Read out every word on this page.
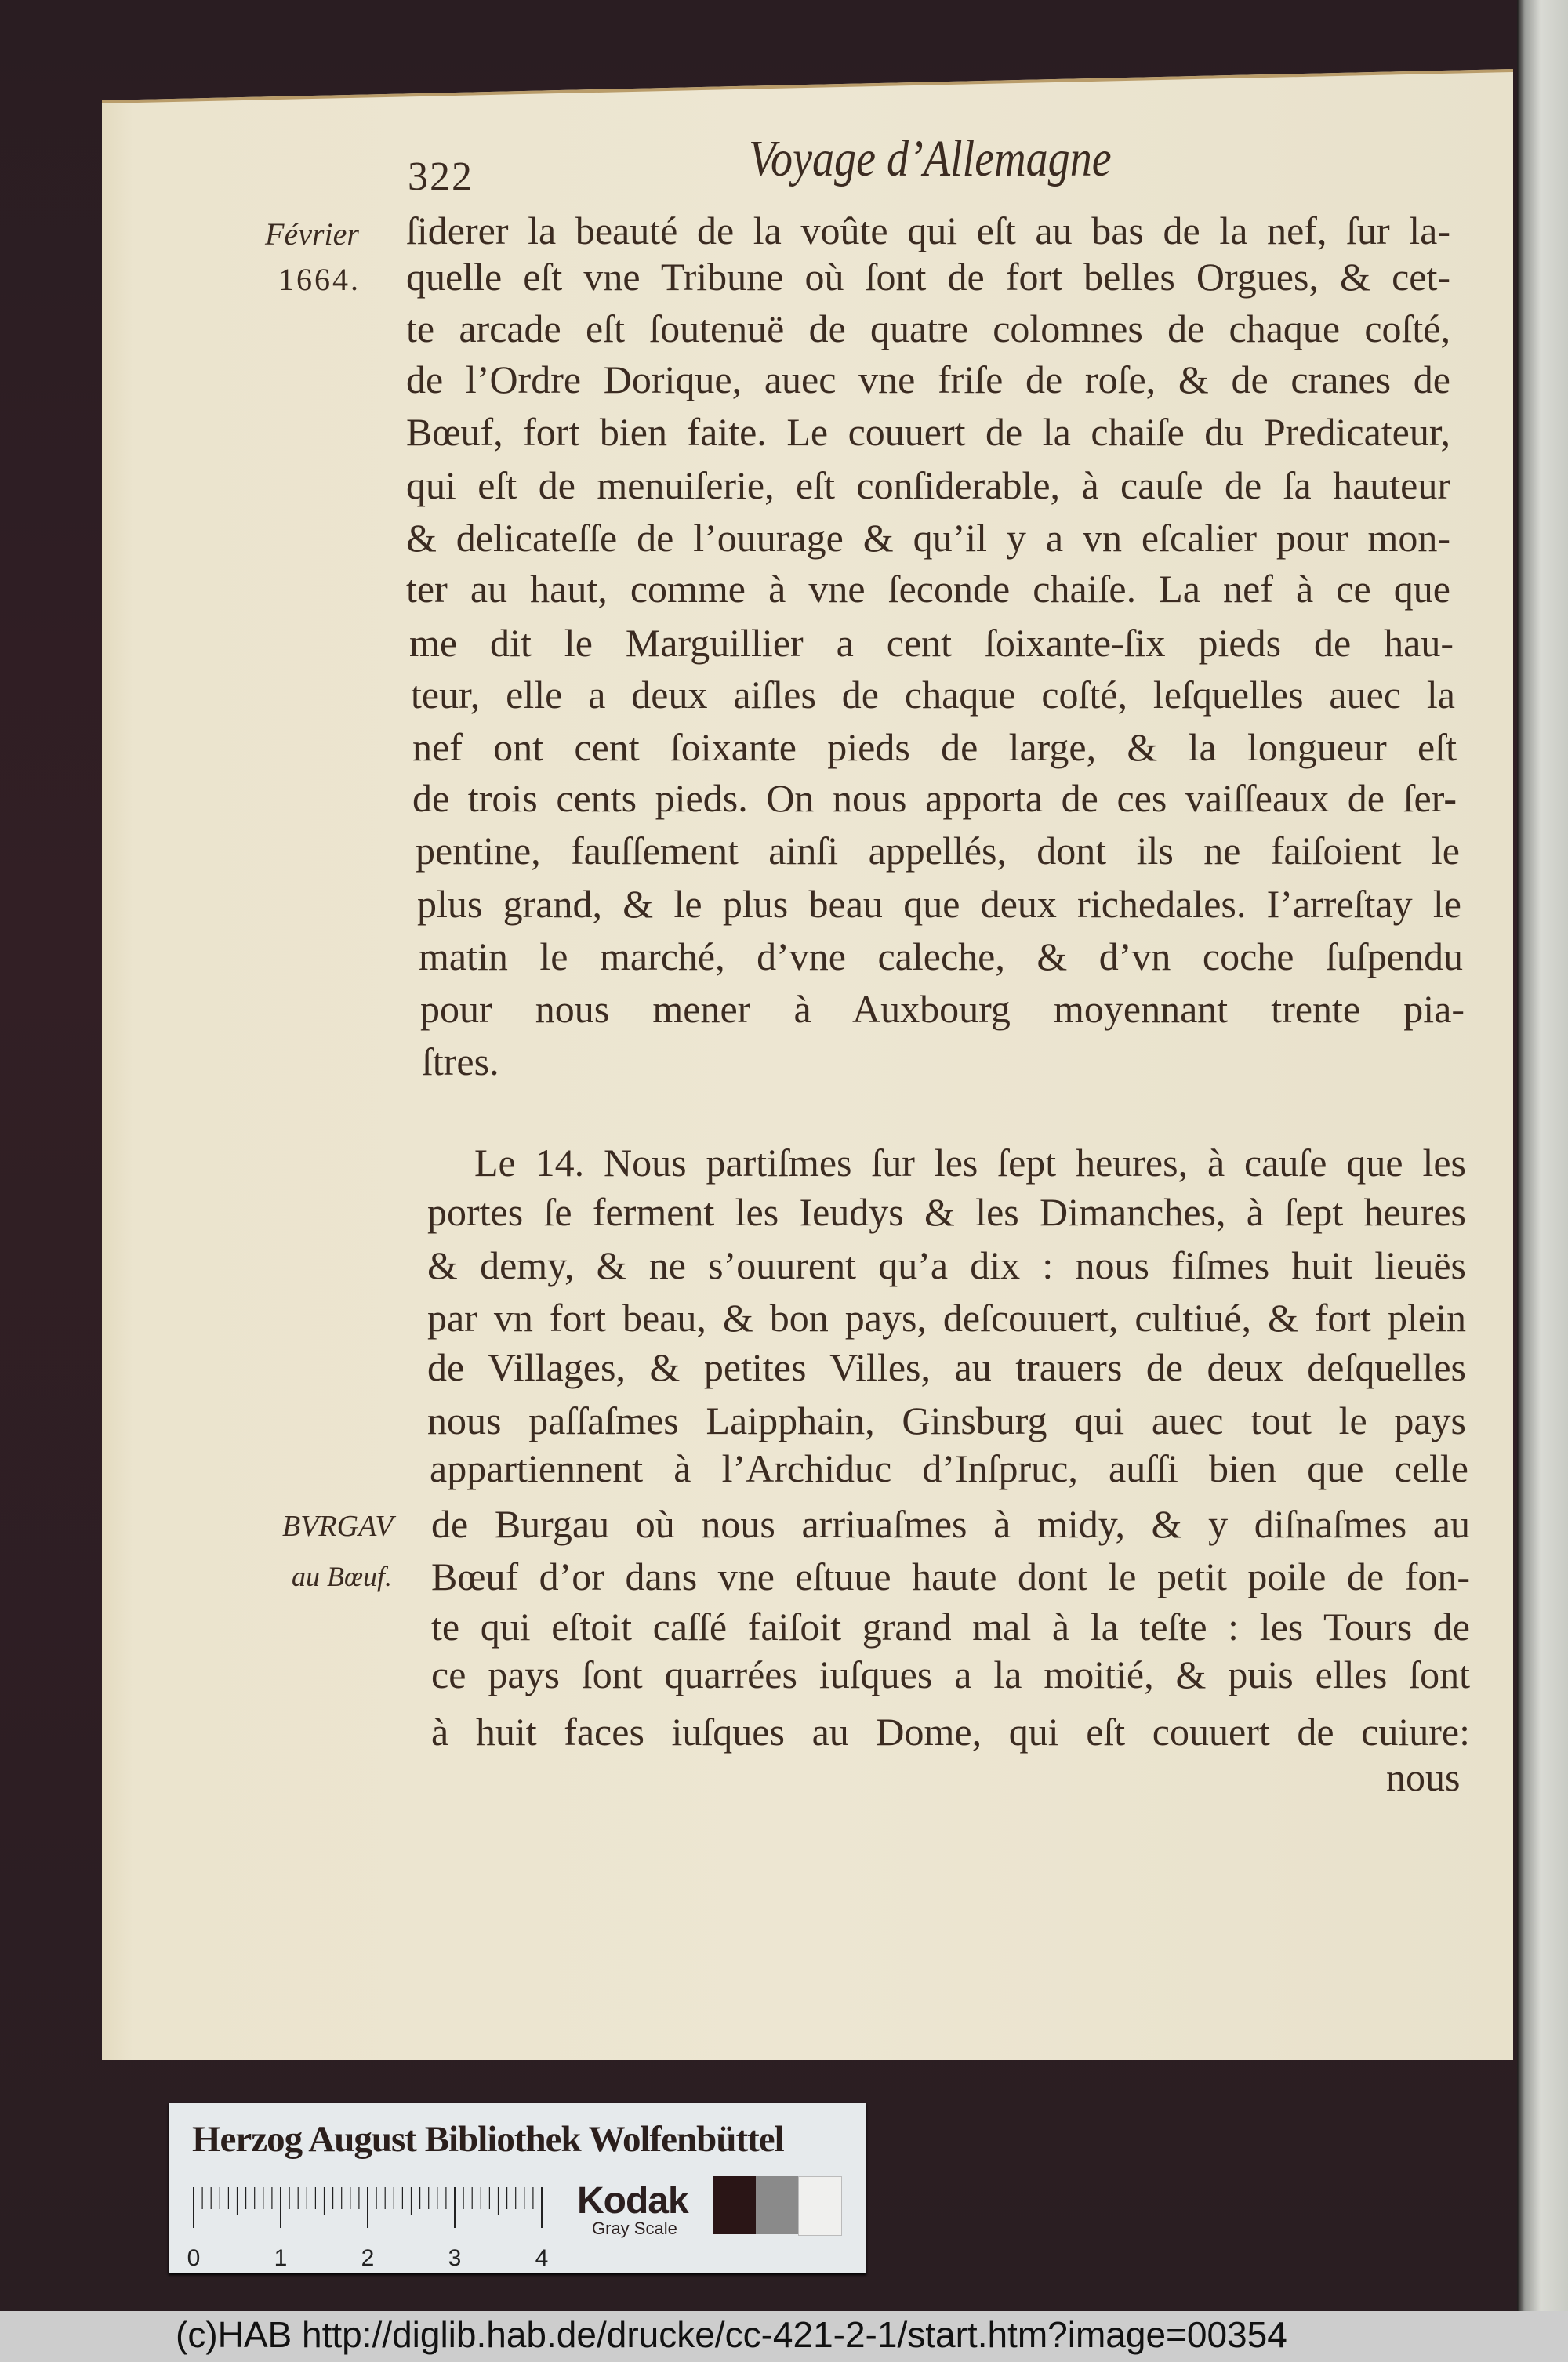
322	Voyage d’Allemagne
Février
1664.
BVRGAV
au Bœuf.
ſiderer la beauté de la voûte qui eſt au bas de la nef, ſur la-
quelle eſt vne Tribune où ſont de fort belles Orgues, & cet-
te arcade eſt ſoutenuë de quatre colomnes de chaque coſté,
de l’Ordre Dorique, auec vne friſe de roſe, & de cranes de
Bœuf, fort bien faite. Le couuert de la chaiſe du Predicateur,
qui eſt de menuiſerie, eſt conſiderable, à cauſe de ſa hauteur
& delicateſſe de l’ouurage & qu’il y a vn eſcalier pour mon-
ter au haut, comme à vne ſeconde chaiſe. La nef à ce que
me dit le Marguillier a cent ſoixante-ſix pieds de hau-
teur, elle a deux aiſles de chaque coſté, leſquelles auec la
nef ont cent ſoixante pieds de large, & la longueur eſt
de trois cents pieds. On nous apporta de ces vaiſſeaux de ſer-
pentine, fauſſement ainſi appellés, dont ils ne faiſoient le
plus grand, & le plus beau que deux richedales. I’arreſtay le
matin le marché, d’vne caleche, & d’vn coche ſuſpendu
pour nous mener à Auxbourg moyennant trente pia-
ſtres.
Le 14. Nous partiſmes ſur les ſept heures, à cauſe que les
portes ſe ferment les Ieudys & les Dimanches, à ſept heures
& demy, & ne s’ouurent qu’a dix : nous fiſmes huit lieuës
par vn fort beau, & bon pays, deſcouuert, cultiué, & fort plein
de Villages, & petites Villes, au trauers de deux deſquelles
nous paſſaſmes Laipphain, Ginsburg qui auec tout le pays
appartiennent à l’Archiduc d’Inſpruc, auſſi bien que celle
de Burgau où nous arriuaſmes à midy, & y diſnaſmes au
Bœuf d’or dans vne eſtuue haute dont le petit poile de fon-
te qui eſtoit caſſé faiſoit grand mal à la teſte : les Tours de
ce pays ſont quarrées iuſques a la moitié, & puis elles ſont
à huit faces iuſques au Dome, qui eſt couuert de cuiure:
nous
Herzog August Bibliothek Wolfenbüttel
0	1	2	3	4
Kodak
Gray Scale
(c)HAB http://diglib.hab.de/drucke/cc-421-2-1/start.htm?image=00354
